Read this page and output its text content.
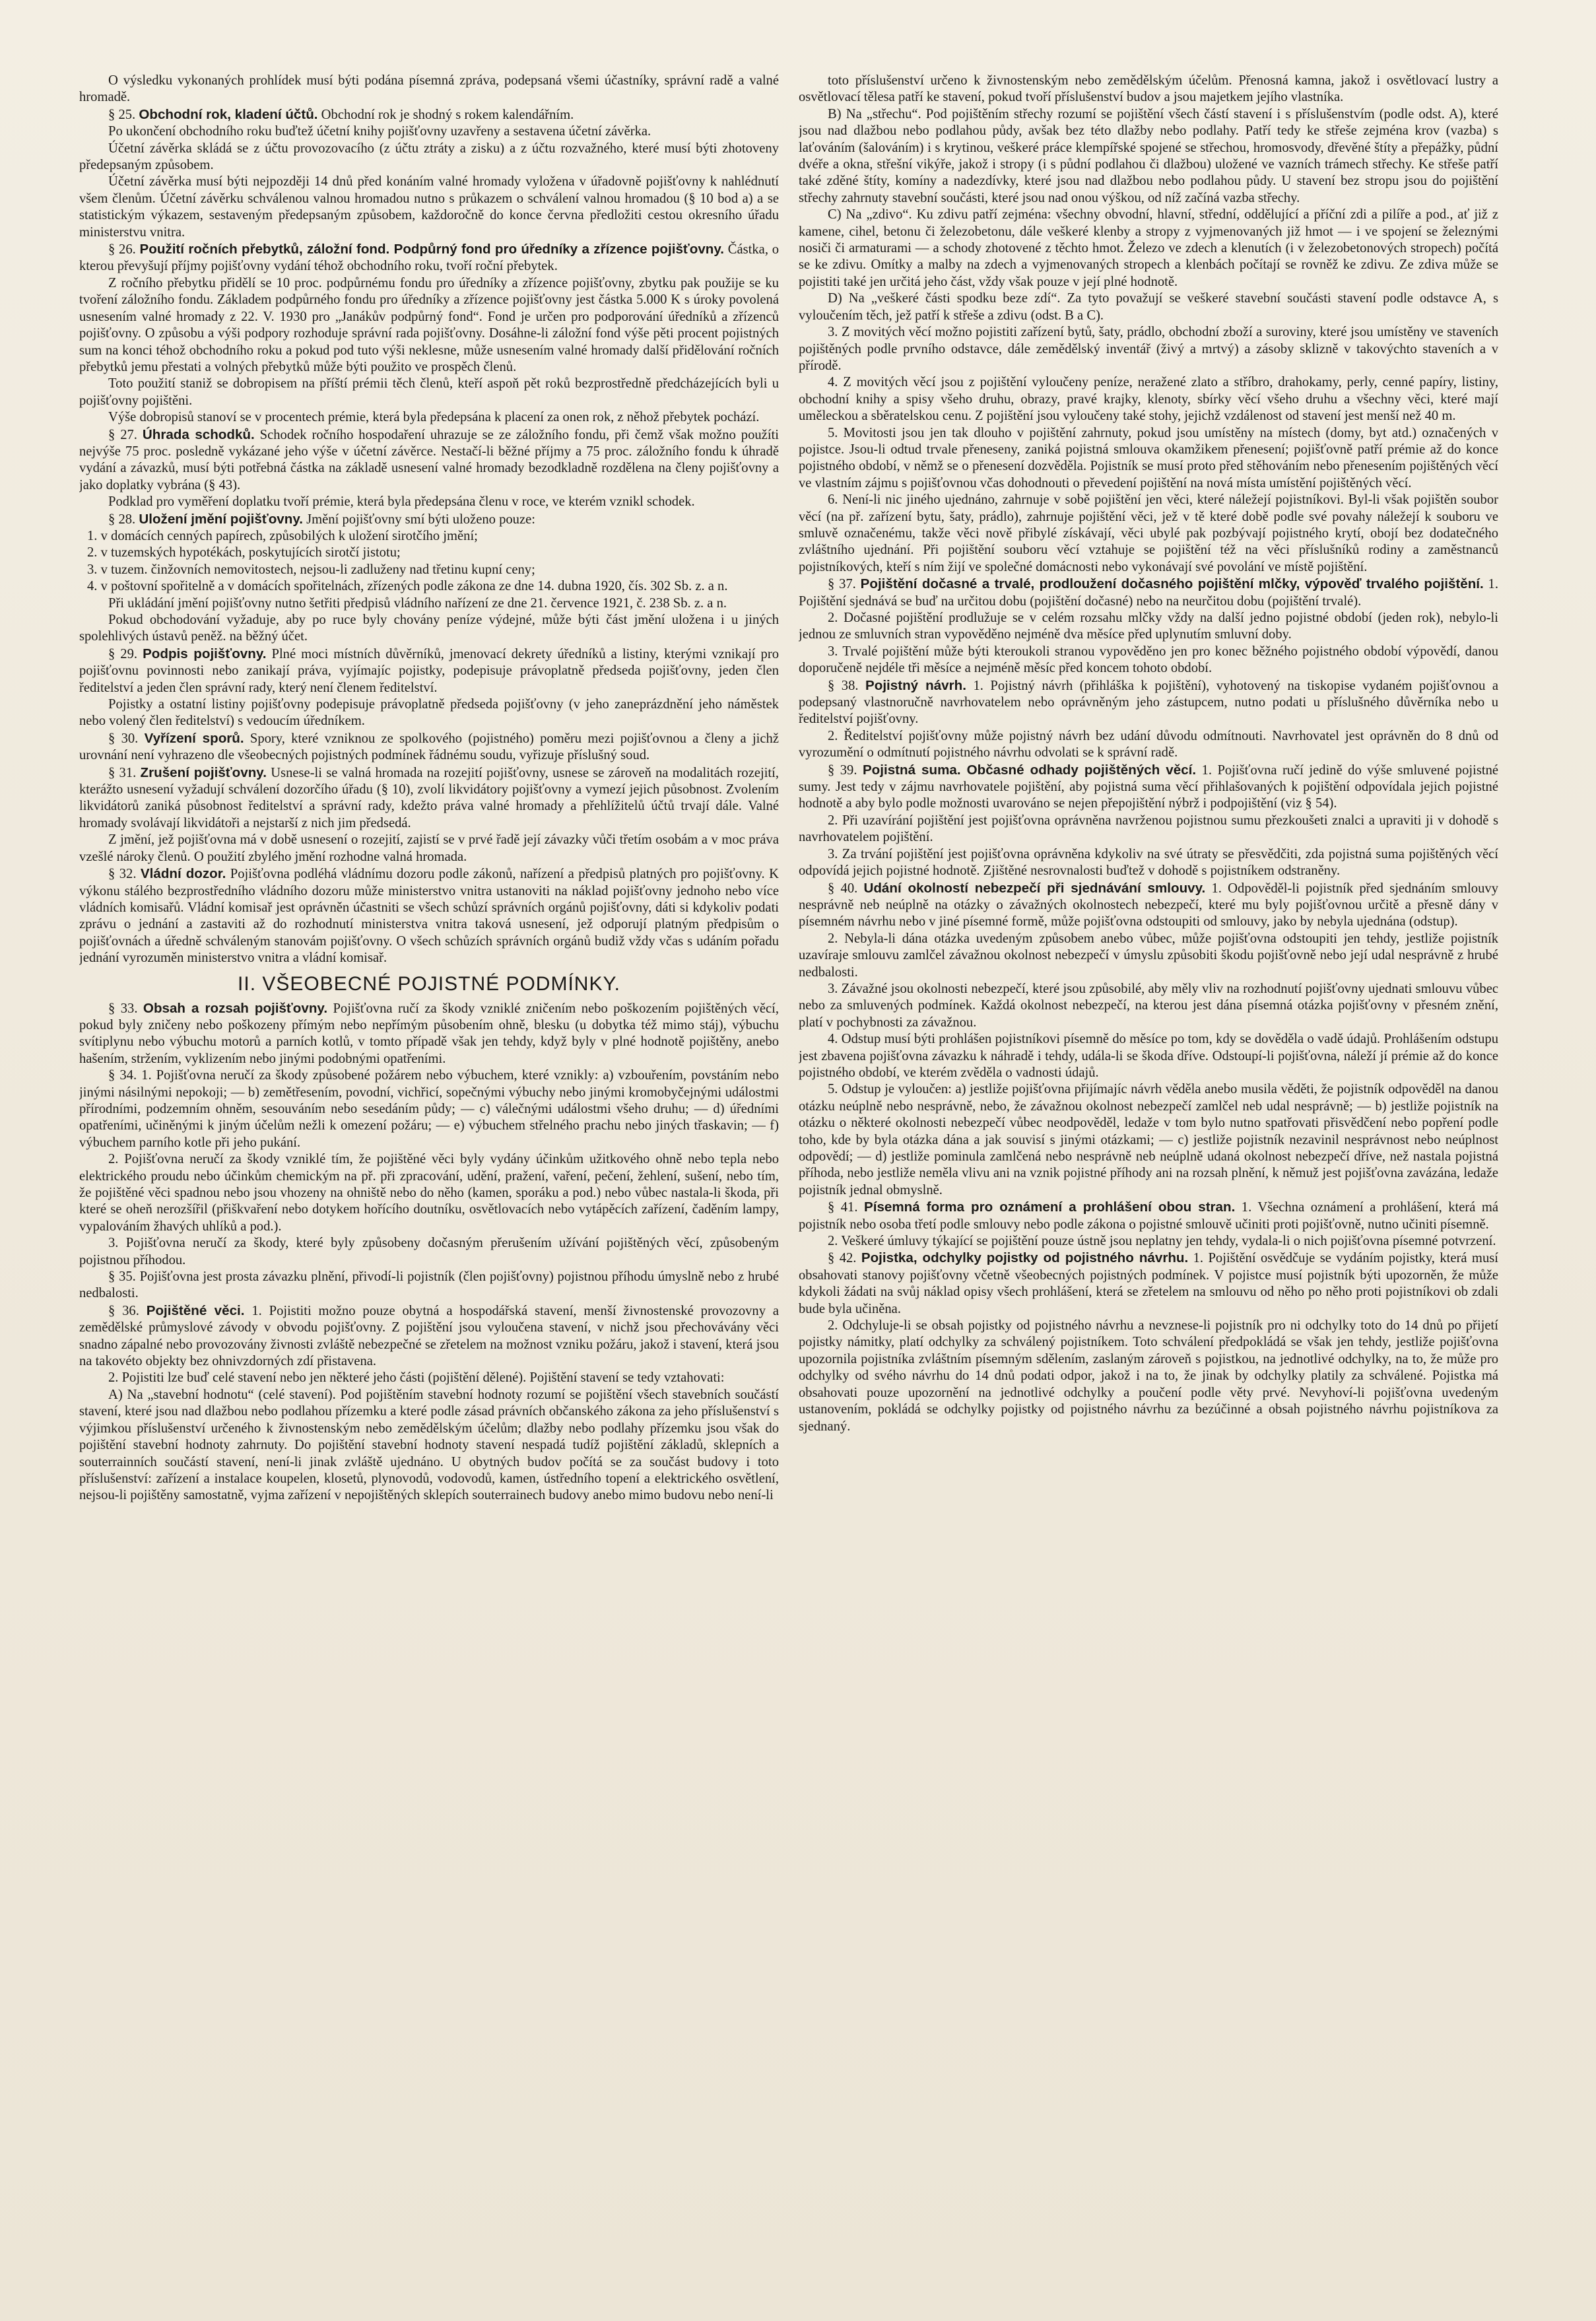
O výsledku vykonaných prohlídek musí býti podána písemná zpráva, podepsaná všemi účastníky, správní radě a valné hromadě.

§ 25. Obchodní rok, kladení účtů. Obchodní rok je shodný s rokem kalendářním.

Po ukončení obchodního roku buďtež účetní knihy pojišťovny uzavřeny a sestavena účetní závěrka.

Účetní závěrka skládá se z účtu provozovacího (z účtu ztráty a zisku) a z účtu rozvažného, které musí býti zhotoveny předepsaným způsobem.

Účetní závěrka musí býti nejpozději 14 dnů před konáním valné hromady vyložena v úřadovně pojišťovny k nahlédnutí všem členům. Účetní závěrku schválenou valnou hromadou nutno s průkazem o schválení valnou hromadou (§ 10 bod a) a se statistickým výkazem, sestaveným předepsaným způsobem, každoročně do konce června předložiti cestou okresního úřadu ministerstvu vnitra.

§ 26. Použití ročních přebytků, záložní fond. Podpůrný fond pro úředníky a zřízence pojišťovny. Částka, o kterou převyšují příjmy pojišťovny vydání téhož obchodního roku, tvoří roční přebytek.

Z ročního přebytku přidělí se 10 proc. podpůrnému fondu pro úředníky a zřízence pojišťovny, zbytku pak použije se ku tvoření záložního fondu. Základem podpůrného fondu pro úředníky a zřízence pojišťovny jest částka 5.000 K s úroky povolená usnesením valné hromady z 22. V. 1930 pro „Janákův podpůrný fond“. Fond je určen pro podporování úředníků a zřízenců pojišťovny. O způsobu a výši podpory rozhoduje správní rada pojišťovny. Dosáhne-li záložní fond výše pěti procent pojistných sum na konci téhož obchodního roku a pokud pod tuto výši neklesne, může usnesením valné hromady další přidělování ročních přebytků jemu přestati a volných přebytků může býti použito ve prospěch členů.

Toto použití staniž se dobropisem na příští prémii těch členů, kteří aspoň pět roků bezprostředně předcházejících byli u pojišťovny pojištěni.

Výše dobropisů stanoví se v procentech prémie, která byla předepsána k placení za onen rok, z něhož přebytek pochází.

§ 27. Úhrada schodků. Schodek ročního hospodaření uhrazuje se ze záložního fondu, při čemž však možno použíti nejvýše 75 proc. posledně vykázané jeho výše v účetní závěrce. Nestačí-li běžné příjmy a 75 proc. záložního fondu k úhradě vydání a závazků, musí býti potřebná částka na základě usnesení valné hromady bezodkladně rozdělena na členy pojišťovny a jako doplatky vybrána (§ 43).

Podklad pro vyměření doplatku tvoří prémie, která byla předepsána členu v roce, ve kterém vznikl schodek.

§ 28. Uložení jmění pojišťovny. Jmění pojišťovny smí býti uloženo pouze:

1. v domácích cenných papírech, způsobilých k uložení sirotčího jmění;

2. v tuzemských hypotékách, poskytujících sirotčí jistotu;

3. v tuzem. činžovních nemovitostech, nejsou-li zadluženy nad třetinu kupní ceny;

4. v poštovní spořitelně a v domácích spořitelnách, zřízených podle zákona ze dne 14. dubna 1920, čís. 302 Sb. z. a n.

Při ukládání jmění pojišťovny nutno šetřiti předpisů vládního nařízení ze dne 21. července 1921, č. 238 Sb. z. a n.

Pokud obchodování vyžaduje, aby po ruce byly chovány peníze výdejné, může býti část jmění uložena i u jiných spolehlivých ústavů peněž. na běžný účet.

§ 29. Podpis pojišťovny. Plné moci místních důvěrníků, jmenovací dekrety úředníků a listiny, kterými vznikají pro pojišťovnu povinnosti nebo zanikají práva, vyjímajíc pojistky, podepisuje právoplatně předseda pojišťovny, jeden člen ředitelství a jeden člen správní rady, který není členem ředitelství.

Pojistky a ostatní listiny pojišťovny podepisuje právoplatně předseda pojišťovny (v jeho zaneprázdnění jeho náměstek nebo volený člen ředitelství) s vedoucím úředníkem.

§ 30. Vyřízení sporů. Spory, které vzniknou ze spolkového (pojistného) poměru mezi pojišťovnou a členy a jichž urovnání není vyhrazeno dle všeobecných pojistných podmínek řádnému soudu, vyřizuje příslušný soud.

§ 31. Zrušení pojišťovny. Usnese-li se valná hromada na rozejití pojišťovny, usnese se zároveň na modalitách rozejití, kterážto usnesení vyžadují schválení dozorčího úřadu (§ 10), zvolí likvidátory pojišťovny a vymezí jejich působnost. Zvolením likvidátorů zaniká působnost ředitelství a správní rady, kdežto práva valné hromady a přehlížitelů účtů trvají dále. Valné hromady svolávají likvidátoři a nejstarší z nich jim předsedá.

Z jmění, jež pojišťovna má v době usnesení o rozejití, zajistí se v prvé řadě její závazky vůči třetím osobám a v moc práva vzešlé nároky členů. O použití zbylého jmění rozhodne valná hromada.

§ 32. Vládní dozor. Pojišťovna podléhá vládnímu dozoru podle zákonů, nařízení a předpisů platných pro pojišťovny. K výkonu stálého bezprostředního vládního dozoru může ministerstvo vnitra ustanoviti na náklad pojišťovny jednoho nebo více vládních komisařů. Vládní komisař jest oprávněn účastniti se všech schůzí správních orgánů pojišťovny, dáti si kdykoliv podati zprávu o jednání a zastaviti až do rozhodnutí ministerstva vnitra taková usnesení, jež odporují platným předpisům o pojišťovnách a úředně schváleným stanovám pojišťovny. O všech schůzích správních orgánů budiž vždy včas s udáním pořadu jednání vyrozuměn ministerstvo vnitra a vládní komisař.

II. VŠEOBECNÉ POJISTNÉ PODMÍNKY.

§ 33. Obsah a rozsah pojišťovny. Pojišťovna ručí za škody vzniklé zničením nebo poškozením pojištěných věcí, pokud byly zničeny nebo poškozeny přímým nebo nepřímým působením ohně, blesku (u dobytka též mimo stáj), výbuchu svítiplynu nebo výbuchu motorů a parních kotlů, v tomto případě však jen tehdy, když byly v plné hodnotě pojištěny, anebo hašením, stržením, vyklizením nebo jinými podobnými opatřeními.

§ 34. 1. Pojišťovna neručí za škody způsobené požárem nebo výbuchem, které vznikly: a) vzbouřením, povstáním nebo jinými násilnými nepokoji; — b) zemětřesením, povodní, vichřicí, sopečnými výbuchy nebo jinými kromobyčejnými událostmi přírodními, podzemním ohněm, sesouváním nebo sesedáním půdy; — c) válečnými událostmi všeho druhu; — d) úředními opatřeními, učiněnými k jiným účelům nežli k omezení požáru; — e) výbuchem střelného prachu nebo jiných třaskavin; — f) výbuchem parního kotle při jeho pukání.

2. Pojišťovna neručí za škody vzniklé tím, že pojištěné věci byly vydány účinkům užitkového ohně nebo tepla nebo elektrického proudu nebo účinkům chemickým na př. při zpracování, udění, pražení, vaření, pečení, žehlení, sušení, nebo tím, že pojištěné věci spadnou nebo jsou vhozeny na ohniště nebo do něho (kamen, sporáku a pod.) nebo vůbec nastala-li škoda, při které se oheň nerozšířil (přiškvaření nebo dotykem hořícího doutníku, osvětlovacích nebo vytápěcích zařízení, čaděním lampy, vypalováním žhavých uhlíků a pod.).

3. Pojišťovna neručí za škody, které byly způsobeny dočasným přerušením užívání pojištěných věcí, způsobeným pojistnou příhodou.

§ 35. Pojišťovna jest prosta závazku plnění, přivodí-li pojistník (člen pojišťovny) pojistnou příhodu úmyslně nebo z hrubé nedbalosti.

§ 36. Pojištěné věci. 1. Pojistiti možno pouze obytná a hospodářská stavení, menší živnostenské provozovny a zemědělské průmyslové závody v obvodu pojišťovny. Z pojištění jsou vyloučena stavení, v nichž jsou přechovávány věci snadno zápalné nebo provozovány živnosti zvláště nebezpečné se zřetelem na možnost vzniku požáru, jakož i stavení, která jsou na takovéto objekty bez ohnivzdorných zdí přistavena.

2. Pojistiti lze buď celé stavení nebo jen některé jeho části (pojištění dělené). Pojištění stavení se tedy vztahovati:

A) Na „stavební hodnotu“ (celé stavení). Pod pojištěním stavební hodnoty rozumí se pojištění všech stavebních součástí stavení, které jsou nad dlažbou nebo podlahou přízemku a které podle zásad právních občanského zákona za jeho příslušenství s výjimkou příslušenství určeného k živnostenským nebo zemědělským účelům; dlažby nebo podlahy přízemku jsou však do pojištění stavební hodnoty zahrnuty. Do pojištění stavební hodnoty stavení nespadá tudíž pojištění základů, sklepních a souterrainních součástí stavení, není-li jinak zvláště ujednáno. U obytných budov počítá se za součást budovy i toto příslušenství: zařízení a instalace koupelen, klosetů, plynovodů, vodovodů, kamen, ústředního topení a elektrického osvětlení, nejsou-li pojištěny samostatně, vyjma zařízení v nepojištěných sklepích souterrainech budovy anebo mimo budovu nebo není-li

toto příslušenství určeno k živnostenským nebo zemědělským účelům. Přenosná kamna, jakož i osvětlovací lustry a osvětlovací tělesa patří ke stavení, pokud tvoří příslušenství budov a jsou majetkem jejího vlastníka.

B) Na „střechu“. Pod pojištěním střechy rozumí se pojištění všech částí stavení i s příslušenstvím (podle odst. A), které jsou nad dlažbou nebo podlahou půdy, avšak bez této dlažby nebo podlahy. Patří tedy ke střeše zejména krov (vazba) s laťováním (šalováním) i s krytinou, veškeré práce klempířské spojené se střechou, hromosvody, dřevěné štíty a přepážky, půdní dvéře a okna, střešní vikýře, jakož i stropy (i s půdní podlahou či dlažbou) uložené ve vazních trámech střechy. Ke střeše patří také zděné štíty, komíny a nadezdívky, které jsou nad dlažbou nebo podlahou půdy. U stavení bez stropu jsou do pojištění střechy zahrnuty stavební součásti, které jsou nad onou výškou, od níž začíná vazba střechy.

C) Na „zdivo“. Ku zdivu patří zejména: všechny obvodní, hlavní, střední, oddělující a příční zdi a pilíře a pod., ať již z kamene, cihel, betonu či železobetonu, dále veškeré klenby a stropy z vyjmenovaných již hmot — i ve spojení se železnými nosiči či armaturami — a schody zhotovené z těchto hmot. Železo ve zdech a klenutích (i v železobetonových stropech) počítá se ke zdivu. Omítky a malby na zdech a vyjmenovaných stropech a klenbách počítají se rovněž ke zdivu. Ze zdiva může se pojistiti také jen určitá jeho část, vždy však pouze v její plné hodnotě.

D) Na „veškeré části spodku beze zdí“. Za tyto považují se veškeré stavební součásti stavení podle odstavce A, s vyloučením těch, jež patří k střeše a zdivu (odst. B a C).

3. Z movitých věcí možno pojistiti zařízení bytů, šaty, prádlo, obchodní zboží a suroviny, které jsou umístěny ve staveních pojištěných podle prvního odstavce, dále zemědělský inventář (živý a mrtvý) a zásoby sklizně v takovýchto staveních a v přírodě.

4. Z movitých věcí jsou z pojištění vyloučeny peníze, neražené zlato a stříbro, drahokamy, perly, cenné papíry, listiny, obchodní knihy a spisy všeho druhu, obrazy, pravé krajky, klenoty, sbírky věcí všeho druhu a všechny věci, které mají uměleckou a sběratelskou cenu. Z pojištění jsou vyloučeny také stohy, jejichž vzdálenost od stavení jest menší než 40 m.

5. Movitosti jsou jen tak dlouho v pojištění zahrnuty, pokud jsou umístěny na místech (domy, byt atd.) označených v pojistce. Jsou-li odtud trvale přeneseny, zaniká pojistná smlouva okamžikem přenesení; pojišťovně patří prémie až do konce pojistného období, v němž se o přenesení dozvěděla. Pojistník se musí proto před stěhováním nebo přenesením pojištěných věcí ve vlastním zájmu s pojišťovnou včas dohodnouti o převedení pojištění na nová místa umístění pojištěných věcí.

6. Není-li nic jiného ujednáno, zahrnuje v sobě pojištění jen věci, které náležejí pojistníkovi. Byl-li však pojištěn soubor věcí (na př. zařízení bytu, šaty, prádlo), zahrnuje pojištění věci, jež v tě které době podle své povahy náležejí k souboru ve smluvě označenému, takže věci nově přibylé získávají, věci ubylé pak pozbývají pojistného krytí, obojí bez dodatečného zvláštního ujednání. Při pojištění souboru věcí vztahuje se pojištění též na věci příslušníků rodiny a zaměstnanců pojistníkových, kteří s ním žijí ve společné domácnosti nebo vykonávají své povolání ve místě pojištění.

§ 37. Pojištění dočasné a trvalé, prodloužení dočasného pojištění mlčky, výpověď trvalého pojištění. 1. Pojištění sjednává se buď na určitou dobu (pojištění dočasné) nebo na neurčitou dobu (pojištění trvalé).

2. Dočasné pojištění prodlužuje se v celém rozsahu mlčky vždy na další jedno pojistné období (jeden rok), nebylo-li jednou ze smluvních stran vypověděno nejméně dva měsíce před uplynutím smluvní doby.

3. Trvalé pojištění může býti kteroukoli stranou vypověděno jen pro konec běžného pojistného období výpovědí, danou doporučeně nejdéle tři měsíce a nejméně měsíc před koncem tohoto období.

§ 38. Pojistný návrh. 1. Pojistný návrh (přihláška k pojištění), vyhotovený na tiskopise vydaném pojišťovnou a podepsaný vlastnoručně navrhovatelem nebo oprávněným jeho zástupcem, nutno podati u příslušného důvěrníka nebo u ředitelství pojišťovny.

2. Ředitelství pojišťovny může pojistný návrh bez udání důvodu odmítnouti. Navrhovatel jest oprávněn do 8 dnů od vyrozumění o odmítnutí pojistného návrhu odvolati se k správní radě.

§ 39. Pojistná suma. Občasné odhady pojištěných věcí. 1. Pojišťovna ručí jedině do výše smluvené pojistné sumy. Jest tedy v zájmu navrhovatele pojištění, aby pojistná suma věcí přihlašovaných k pojištění odpovídala jejich pojistné hodnotě a aby bylo podle možnosti uvarováno se nejen přepojištění nýbrž i podpojištění (viz § 54).

2. Při uzavírání pojištění jest pojišťovna oprávněna navrženou pojistnou sumu přezkoušeti znalci a upraviti ji v dohodě s navrhovatelem pojištění.

3. Za trvání pojištění jest pojišťovna oprávněna kdykoliv na své útraty se přesvědčiti, zda pojistná suma pojištěných věcí odpovídá jejich pojistné hodnotě. Zjištěné nesrovnalosti buďtež v dohodě s pojistníkem odstraněny.

§ 40. Udání okolností nebezpečí při sjednávání smlouvy. 1. Odpověděl-li pojistník před sjednáním smlouvy nesprávně neb neúplně na otázky o závažných okolnostech nebezpečí, které mu byly pojišťovnou určitě a přesně dány v písemném návrhu nebo v jiné písemné formě, může pojišťovna odstoupiti od smlouvy, jako by nebyla ujednána (odstup).

2. Nebyla-li dána otázka uvedeným způsobem anebo vůbec, může pojišťovna odstoupiti jen tehdy, jestliže pojistník uzavíraje smlouvu zamlčel závažnou okolnost nebezpečí v úmyslu způsobiti škodu pojišťovně nebo její udal nesprávně z hrubé nedbalosti.

3. Závažné jsou okolnosti nebezpečí, které jsou způsobilé, aby měly vliv na rozhodnutí pojišťovny ujednati smlouvu vůbec nebo za smluvených podmínek. Každá okolnost nebezpečí, na kterou jest dána písemná otázka pojišťovny v přesném znění, platí v pochybnosti za závažnou.

4. Odstup musí býti prohlášen pojistníkovi písemně do měsíce po tom, kdy se dověděla o vadě údajů. Prohlášením odstupu jest zbavena pojišťovna závazku k náhradě i tehdy, udála-li se škoda dříve. Odstoupí-li pojišťovna, náleží jí prémie až do konce pojistného období, ve kterém zvěděla o vadnosti údajů.

5. Odstup je vyloučen: a) jestliže pojišťovna přijímajíc návrh věděla anebo musila věděti, že pojistník odpověděl na danou otázku neúplně nebo nesprávně, nebo, že závažnou okolnost nebezpečí zamlčel neb udal nesprávně; — b) jestliže pojistník na otázku o některé okolnosti nebezpečí vůbec neodpověděl, ledaže v tom bylo nutno spatřovati přisvědčení nebo popření podle toho, kde by byla otázka dána a jak souvisí s jinými otázkami; — c) jestliže pojistník nezavinil nesprávnost nebo neúplnost odpovědí; — d) jestliže pominula zamlčená nebo nesprávně neb neúplně udaná okolnost nebezpečí dříve, než nastala pojistná příhoda, nebo jestliže neměla vlivu ani na vznik pojistné příhody ani na rozsah plnění, k němuž jest pojišťovna zavázána, ledaže pojistník jednal obmyslně.

§ 41. Písemná forma pro oznámení a prohlášení obou stran. 1. Všechna oznámení a prohlášení, která má pojistník nebo osoba třetí podle smlouvy nebo podle zákona o pojistné smlouvě učiniti proti pojišťovně, nutno učiniti písemně.

2. Veškeré úmluvy týkající se pojištění pouze ústně jsou neplatny jen tehdy, vydala-li o nich pojišťovna písemné potvrzení.

§ 42. Pojistka, odchylky pojistky od pojistného návrhu. 1. Pojištění osvědčuje se vydáním pojistky, která musí obsahovati stanovy pojišťovny včetně všeobecných pojistných podmínek. V pojistce musí pojistník býti upozorněn, že může kdykoli žádati na svůj náklad opisy všech prohlášení, která se zřetelem na smlouvu od něho po něho proti pojistníkovi ob zdali bude byla učiněna.

2. Odchyluje-li se obsah pojistky od pojistného návrhu a nevznese-li pojistník pro ni odchylky toto do 14 dnů po přijetí pojistky námitky, platí odchylky za schválený pojistníkem. Toto schválení předpokládá se však jen tehdy, jestliže pojišťovna upozornila pojistníka zvláštním písemným sdělením, zaslaným zároveň s pojistkou, na jednotlivé odchylky, na to, že může pro odchylky od svého návrhu do 14 dnů podati odpor, jakož i na to, že jinak by odchylky platily za schválené. Pojistka má obsahovati pouze upozornění na jednotlivé odchylky a poučení podle věty prvé. Nevyhoví-li pojišťovna uvedeným ustanovením, pokládá se odchylky pojistky od pojistného návrhu za bezúčinné a obsah pojistného návrhu pojistníkova za sjednaný.
